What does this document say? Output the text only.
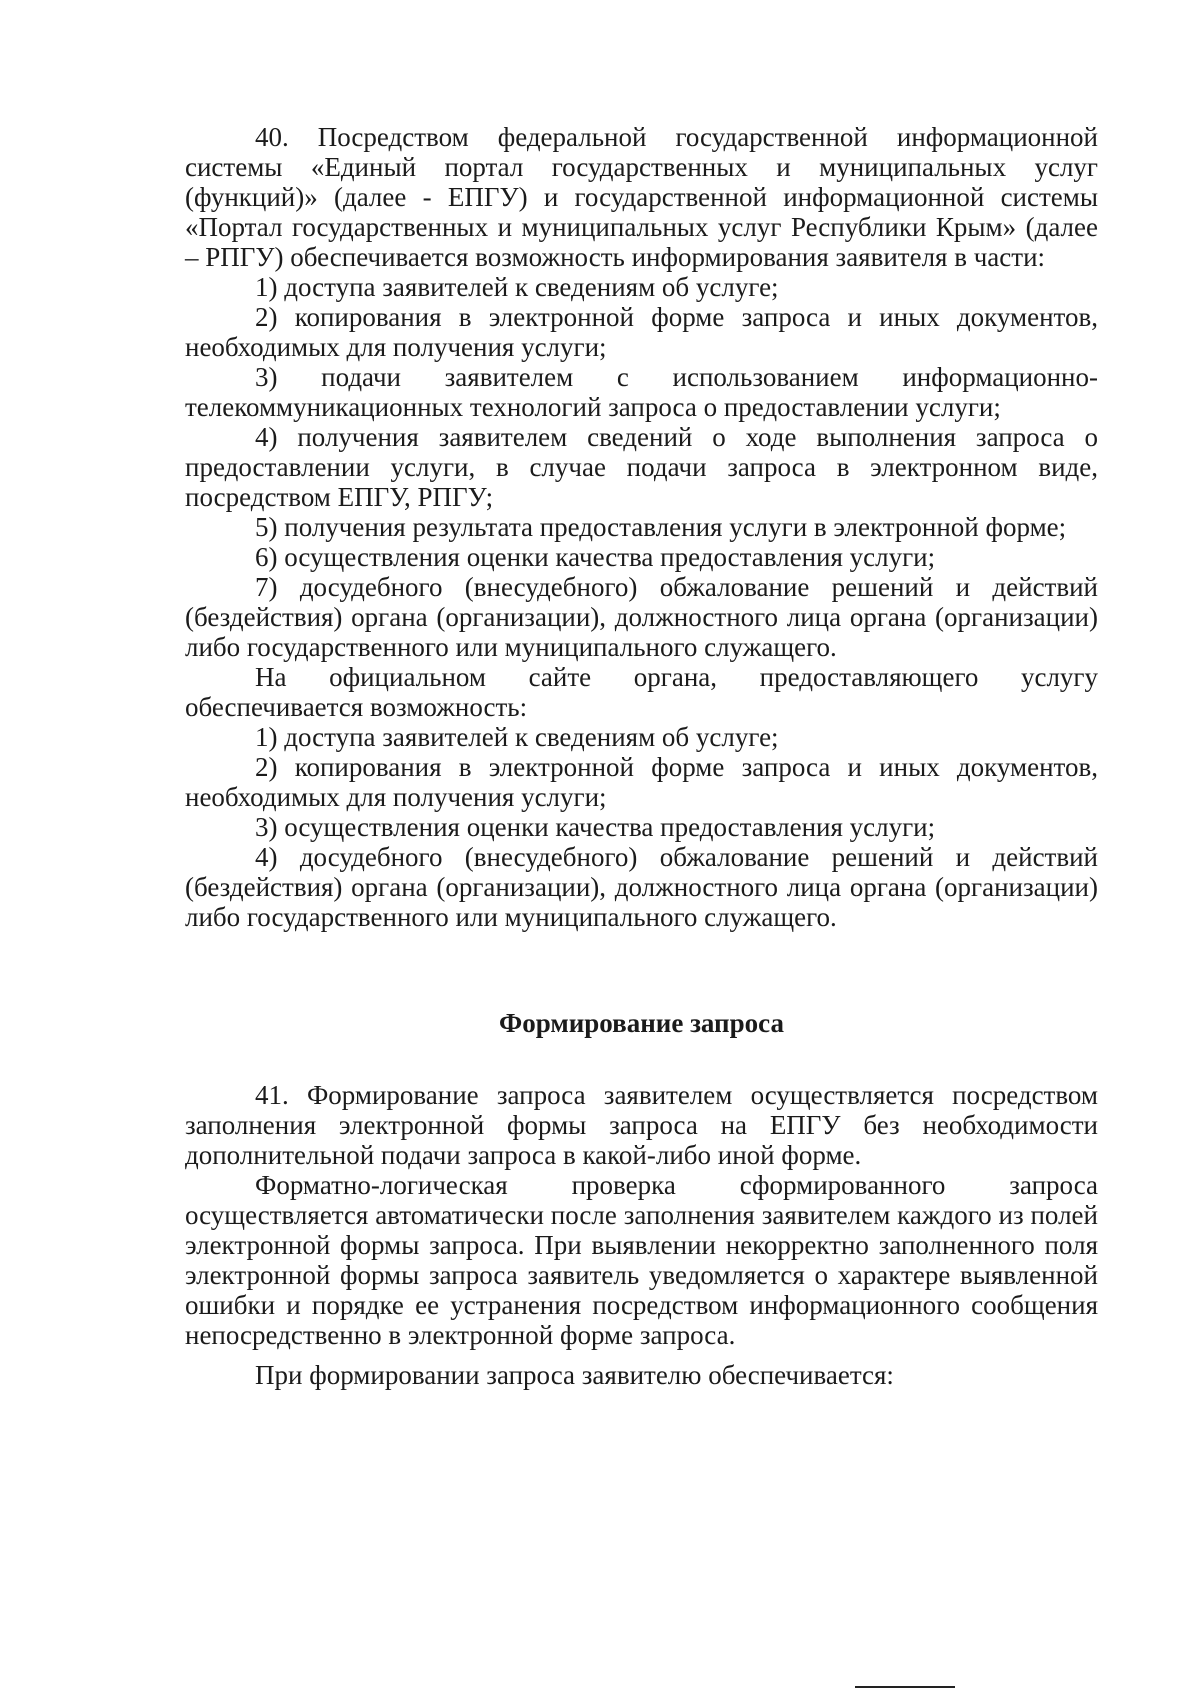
40. Посредством федеральной государственной информационной системы «Единый портал государственных и муниципальных услуг (функций)» (далее - ЕПГУ) и государственной информационной системы «Портал государственных и муниципальных услуг Республики Крым» (далее – РПГУ) обеспечивается возможность информирования заявителя в части:

1) доступа заявителей к сведениям об услуге;

2) копирования в электронной форме запроса и иных документов, необходимых для получения услуги;

3) подачи заявителем с использованием информационно-телекоммуникационных технологий запроса о предоставлении услуги;

4) получения заявителем сведений о ходе выполнения запроса о предоставлении услуги, в случае подачи запроса в электронном виде, посредством ЕПГУ, РПГУ;

5) получения результата предоставления услуги в электронной форме;

6) осуществления оценки качества предоставления услуги;

7) досудебного (внесудебного) обжалование решений и действий (бездействия) органа (организации), должностного лица органа (организации) либо государственного или муниципального служащего.

На официальном сайте органа, предоставляющего услугу обеспечивается возможность:

1) доступа заявителей к сведениям об услуге;

2) копирования в электронной форме запроса и иных документов, необходимых для получения услуги;

3) осуществления оценки качества предоставления услуги;

4) досудебного (внесудебного) обжалование решений и действий (бездействия) органа (организации), должностного лица органа (организации) либо государственного или муниципального служащего.

Формирование запроса

41. Формирование запроса заявителем осуществляется посредством заполнения электронной формы запроса на ЕПГУ без необходимости дополнительной подачи запроса в какой-либо иной форме.

Форматно-логическая проверка сформированного запроса осуществляется автоматически после заполнения заявителем каждого из полей электронной формы запроса. При выявлении некорректно заполненного поля электронной формы запроса заявитель уведомляется о характере выявленной ошибки и порядке ее устранения посредством информационного сообщения непосредственно в электронной форме запроса.

При формировании запроса заявителю обеспечивается:
